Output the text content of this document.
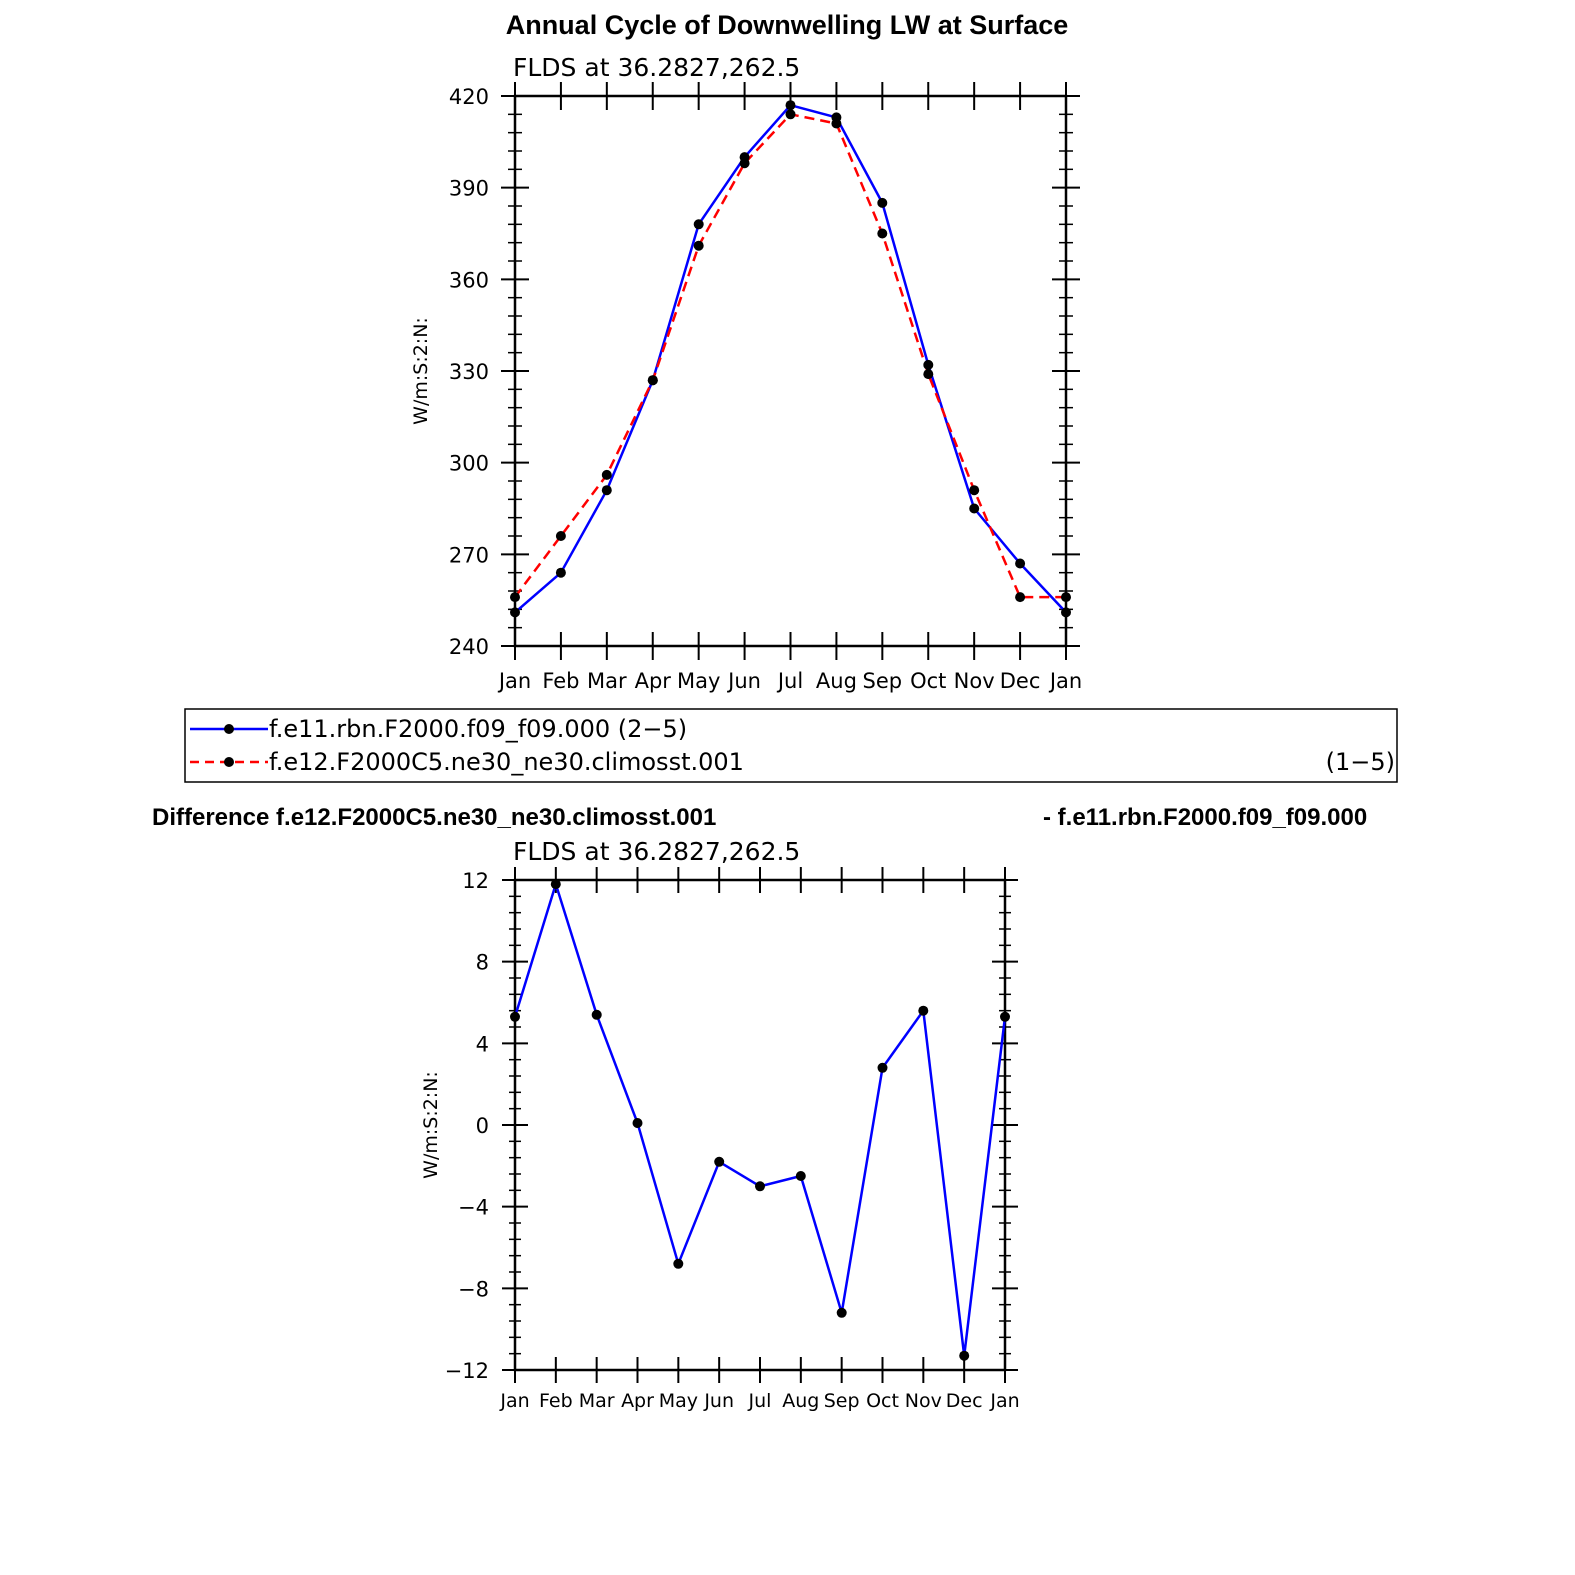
Annual Cycle of Downwelling LW at Surface
FLDS at 36.2827,262.5
240
270
300
330
360
390
420
Jan Feb Mar Apr May Jun Jul Aug Sep Oct Nov Dec Jan
W/m:S:2:N:
f.e11.rbn.F2000.f09_f09.000 (2−5)
f.e12.F2000C5.ne30_ne30.climosst.001	(1−5)
Difference f.e12.F2000C5.ne30_ne30.climosst.001	- f.e11.rbn.F2000.f09_f09.000
FLDS at 36.2827,262.5
−12
−8
−4
0
4
8
12
Jan Feb Mar Apr May Jun Jul Aug Sep Oct Nov Dec Jan
W/m:S:2:N:
